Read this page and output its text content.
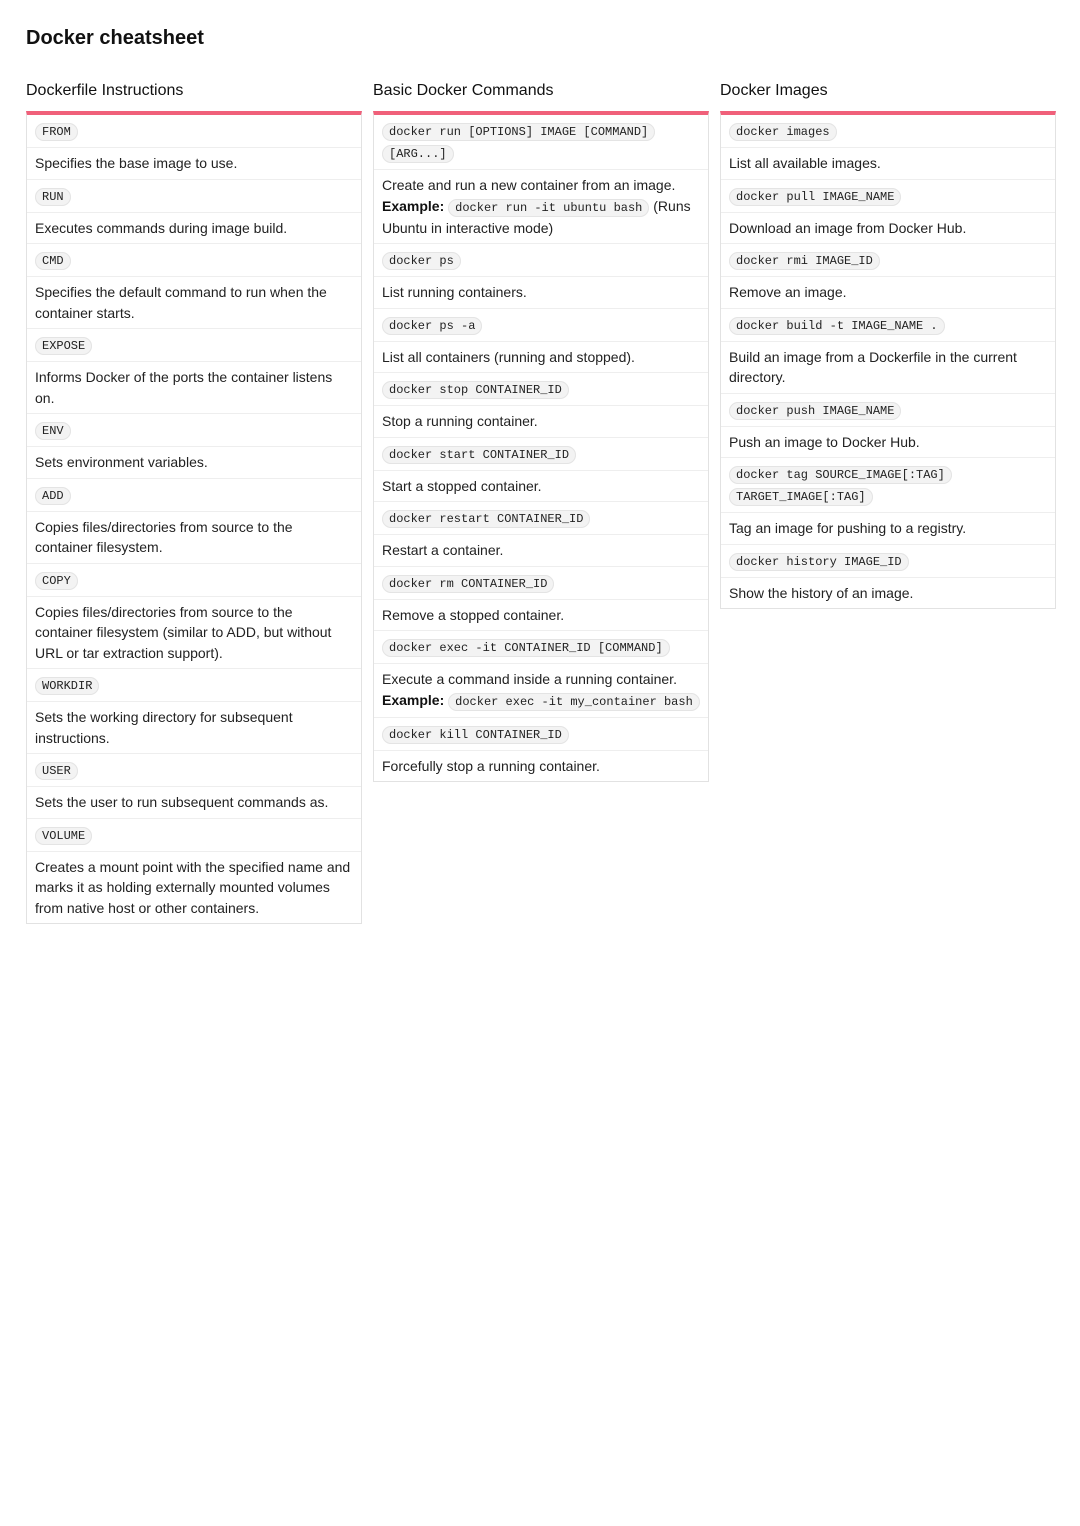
Docker cheatsheet
Dockerfile Instructions
FROM
Specifies the base image to use.
RUN
Executes commands during image build.
CMD
Specifies the default command to run when the container starts.
EXPOSE
Informs Docker of the ports the container listens on.
ENV
Sets environment variables.
ADD
Copies files/directories from source to the container filesystem.
COPY
Copies files/directories from source to the container filesystem (similar to ADD, but without URL or tar extraction support).
WORKDIR
Sets the working directory for subsequent instructions.
USER
Sets the user to run subsequent commands as.
VOLUME
Creates a mount point with the specified name and marks it as holding externally mounted volumes from native host or other containers.
Basic Docker Commands
docker run [OPTIONS] IMAGE [COMMAND] [ARG...]
Create and run a new container from an image.
Example: docker run -it ubuntu bash (Runs Ubuntu in interactive mode)
docker ps
List running containers.
docker ps -a
List all containers (running and stopped).
docker stop CONTAINER_ID
Stop a running container.
docker start CONTAINER_ID
Start a stopped container.
docker restart CONTAINER_ID
Restart a container.
docker rm CONTAINER_ID
Remove a stopped container.
docker exec -it CONTAINER_ID [COMMAND]
Execute a command inside a running container.
Example: docker exec -it my_container bash
docker kill CONTAINER_ID
Forcefully stop a running container.
Docker Images
docker images
List all available images.
docker pull IMAGE_NAME
Download an image from Docker Hub.
docker rmi IMAGE_ID
Remove an image.
docker build -t IMAGE_NAME .
Build an image from a Dockerfile in the current directory.
docker push IMAGE_NAME
Push an image to Docker Hub.
docker tag SOURCE_IMAGE[:TAG] TARGET_IMAGE[:TAG]
Tag an image for pushing to a registry.
docker history IMAGE_ID
Show the history of an image.
